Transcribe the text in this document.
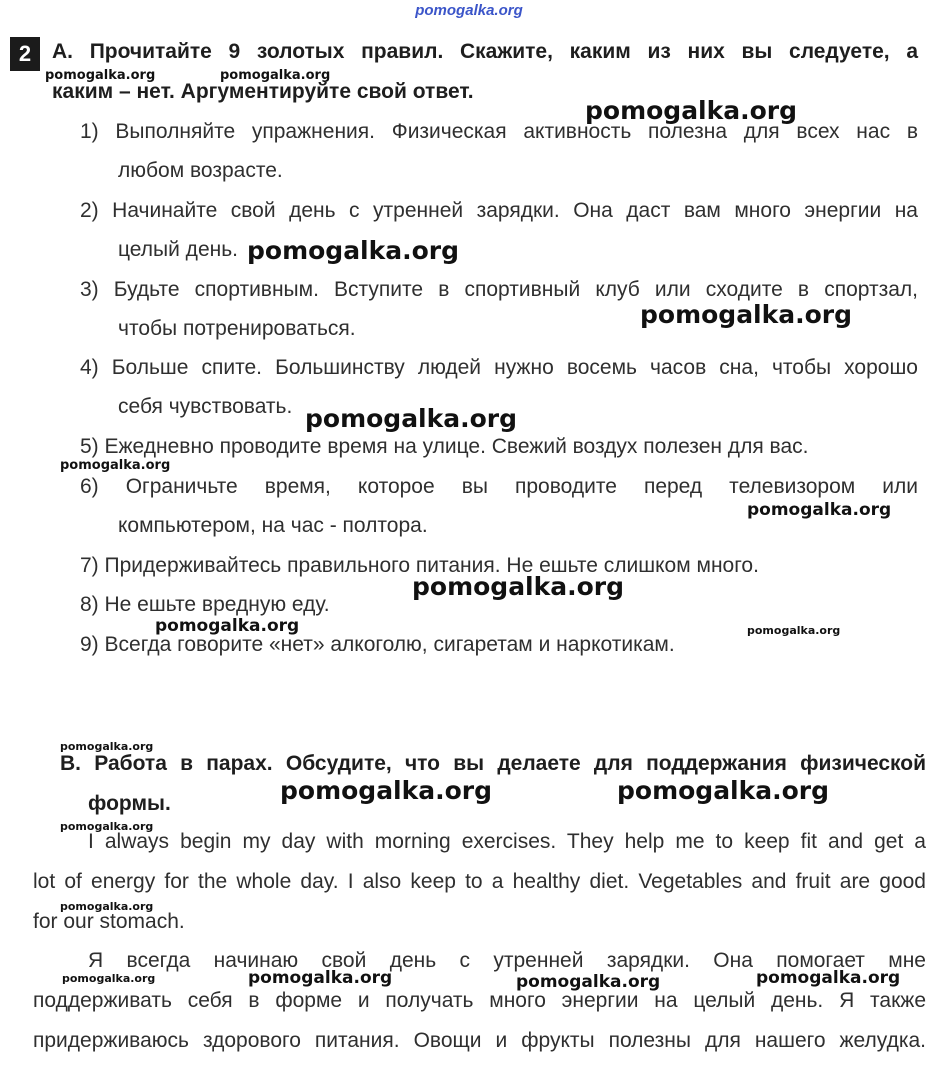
pomogalka.org
2 A. Прочитайте 9 золотых правил. Скажите, каким из них вы следуете, а
каким – нет. Аргументируйте свой ответ.
1) Выполняйте упражнения. Физическая активность полезна для всех нас в
любом возрасте.
2) Начинайте свой день с утренней зарядки. Она даст вам много энергии на
целый день.
3) Будьте спортивным. Вступите в спортивный клуб или сходите в спортзал,
чтобы потренироваться.
4) Больше спите. Большинству людей нужно восемь часов сна, чтобы хорошо
себя чувствовать.
5) Ежедневно проводите время на улице. Свежий воздух полезен для вас.
6) Ограничьте время, которое вы проводите перед телевизором или
компьютером, на час - полтора.
7) Придерживайтесь правильного питания. Не ешьте слишком много.
8) Не ешьте вредную еду.
9) Всегда говорите «нет» алкоголю, сигаретам и наркотикам.
B. Работа в парах. Обсудите, что вы делаете для поддержания физической
формы.
I always begin my day with morning exercises. They help me to keep fit and get a
lot of energy for the whole day. I also keep to a healthy diet. Vegetables and fruit are good
for our stomach.
Я всегда начинаю свой день с утренней зарядки. Она помогает мне
поддерживать себя в форме и получать много энергии на целый день. Я также
придерживаюсь здорового питания. Овощи и фрукты полезны для нашего желудка.
pomogalka.org	pomogalka.org
pomogalka.org
pomogalka.org
pomogalka.org
pomogalka.org
pomogalka.org
pomogalka.org
pomogalka.org
pomogalka.org	pomogalka.org
pomogalka.org
pomogalka.org	pomogalka.org
pomogalka.org
pomogalka.org
pomogalka.org	pomogalka.org	pomogalka.org	pomogalka.org
